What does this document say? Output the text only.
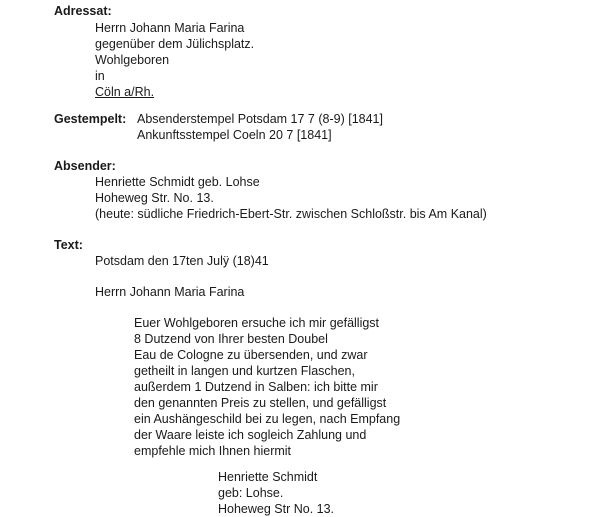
Adressat:
Herrn Johann Maria Farina
gegenüber dem Jülichsplatz.
Wohlgeboren
in
Cöln a/Rh.
Gestempelt: Absenderstempel Potsdam 17 7 (8-9) [1841]
Ankunftsstempel Coeln 20 7 [1841]
Absender:
Henriette Schmidt geb. Lohse
Hoheweg Str. No. 13.
(heute: südliche Friedrich-Ebert-Str. zwischen Schloßstr. bis Am Kanal)
Text:
Potsdam den 17ten Julÿ (18)41
Herrn Johann Maria Farina
Euer Wohlgeboren ersuche ich mir gefälligst
8 Dutzend von Ihrer besten Doubel
Eau de Cologne zu übersenden, und zwar
getheilt in langen und kurtzen Flaschen,
außerdem 1 Dutzend in Salben: ich bitte mir
den genannten Preis zu stellen, und gefälligst
ein Aushängeschild bei zu legen, nach Empfang
der Waare leiste ich sogleich Zahlung und
empfehle mich Ihnen hiermit
Henriette Schmidt
geb: Lohse.
Hoheweg Str No. 13.
